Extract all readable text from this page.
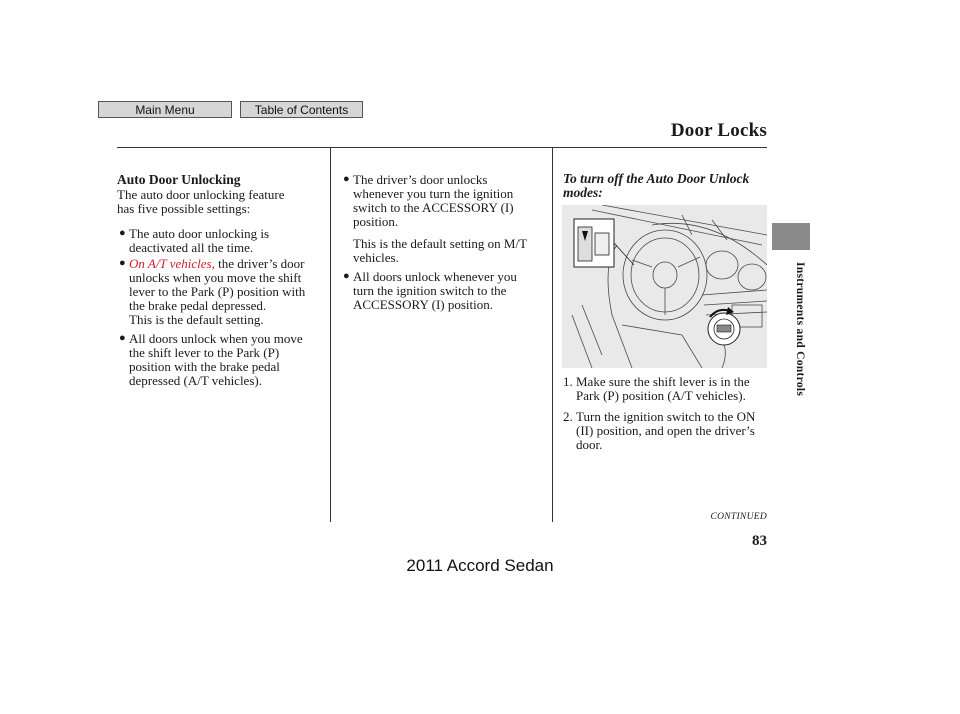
Main Menu	Table of Contents
Door Locks
Instruments and Controls
Auto Door Unlocking
The auto door unlocking feature
has five possible settings:
● The auto door unlocking is
deactivated all the time.
● On A/T vehicles, the driver’s door
unlocks when you move the shift
lever to the Park (P) position with
the brake pedal depressed.
This is the default setting.
● All doors unlock when you move
the shift lever to the Park (P)
position with the brake pedal
depressed (A/T vehicles).
● The driver’s door unlocks
whenever you turn the ignition
switch to the ACCESSORY (I)
position.
This is the default setting on M/T
vehicles.
● All doors unlock whenever you
turn the ignition switch to the
ACCESSORY (I) position.
To turn off the Auto Door Unlock
modes:
1. Make sure the shift lever is in the
Park (P) position (A/T vehicles).
2. Turn the ignition switch to the ON
(II) position, and open the driver’s
door.
CONTINUED
83
2011 Accord Sedan
